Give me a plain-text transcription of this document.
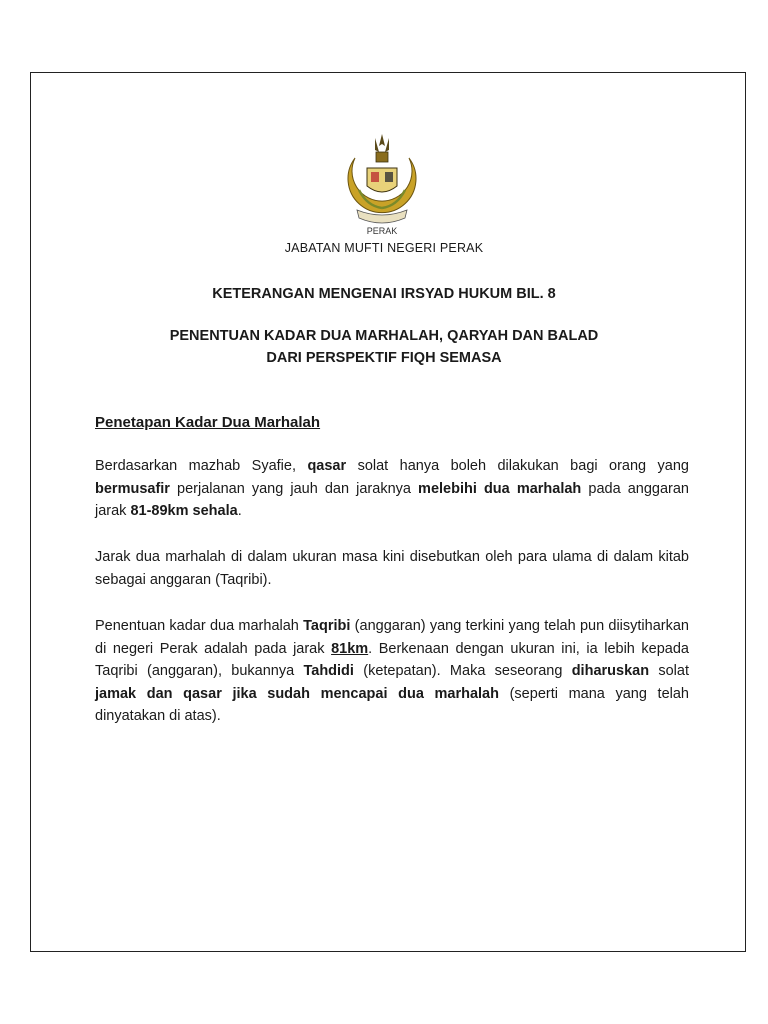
PERAK
JABATAN MUFTI NEGERI PERAK
KETERANGAN MENGENAI IRSYAD HUKUM BIL. 8
PENENTUAN KADAR DUA MARHALAH, QARYAH DAN BALAD
DARI PERSPEKTIF FIQH SEMASA
Penetapan Kadar Dua Marhalah

Berdasarkan mazhab Syafie, qasar solat hanya boleh dilakukan bagi orang yang bermusafir perjalanan yang jauh dan jaraknya melebihi dua marhalah pada anggaran jarak 81-89km sehala.

Jarak dua marhalah di dalam ukuran masa kini disebutkan oleh para ulama di dalam kitab sebagai anggaran (Taqribi).

Penentuan kadar dua marhalah Taqribi (anggaran) yang terkini yang telah pun diisytiharkan di negeri Perak adalah pada jarak 81km. Berkenaan dengan ukuran ini, ia lebih kepada Taqribi (anggaran), bukannya Tahdidi (ketepatan). Maka seseorang diharuskan solat jamak dan qasar jika sudah mencapai dua marhalah (seperti mana yang telah dinyatakan di atas).
